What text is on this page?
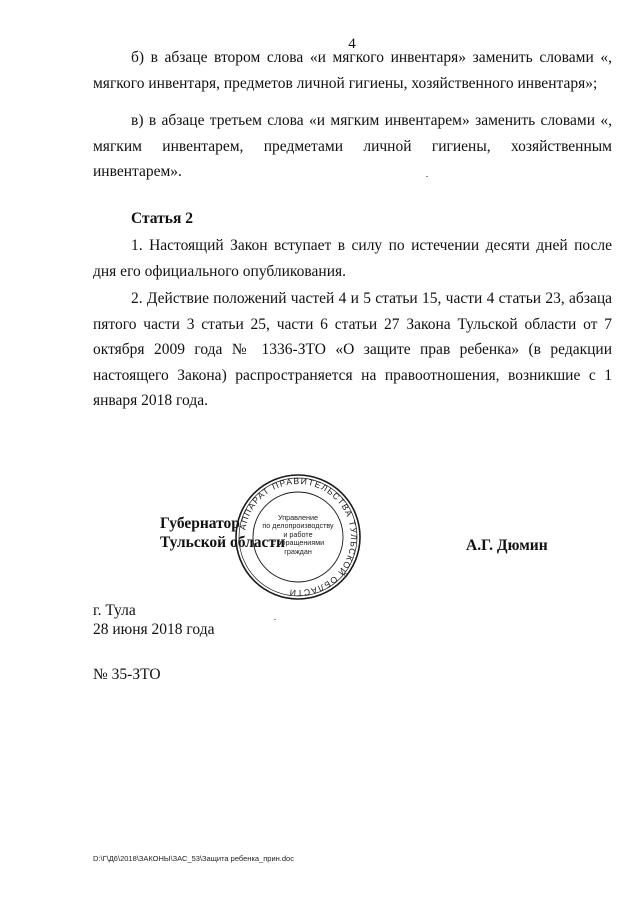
4

б) в абзаце втором слова «и мягкого инвентаря» заменить словами «, мягкого инвентаря, предметов личной гигиены, хозяйственного инвентаря»;

в) в абзаце третьем слова «и мягким инвентарем» заменить словами «, мягким инвентарем, предметами личной гигиены, хозяйственным инвентарем».

Статья 2

1. Настоящий Закон вступает в силу по истечении десяти дней после дня его официального опубликования.

2. Действие положений частей 4 и 5 статьи 15, части 4 статьи 23, абзаца пятого части 3 статьи 25, части 6 статьи 27 Закона Тульской области от 7 октября 2009 года № 1336-ЗТО «О защите прав ребенка» (в редакции настоящего Закона) распространяется на правоотношения, возникшие с 1 января 2018 года.

Губернатор
Тульской области	А.Г. Дюмин
АППАРАТ ПРАВИТЕЛЬСТВА ТУЛЬСКОЙ ОБЛАСТИ
Управление
по делопроизводству
и работе
с обращениями
граждан
г. Тула
28 июня 2018 года
№ 35-ЗТО
D:\Г\Д6\2018\ЗАКОНЫ\ЗАС_53\Защита ребенка_прин.doc
